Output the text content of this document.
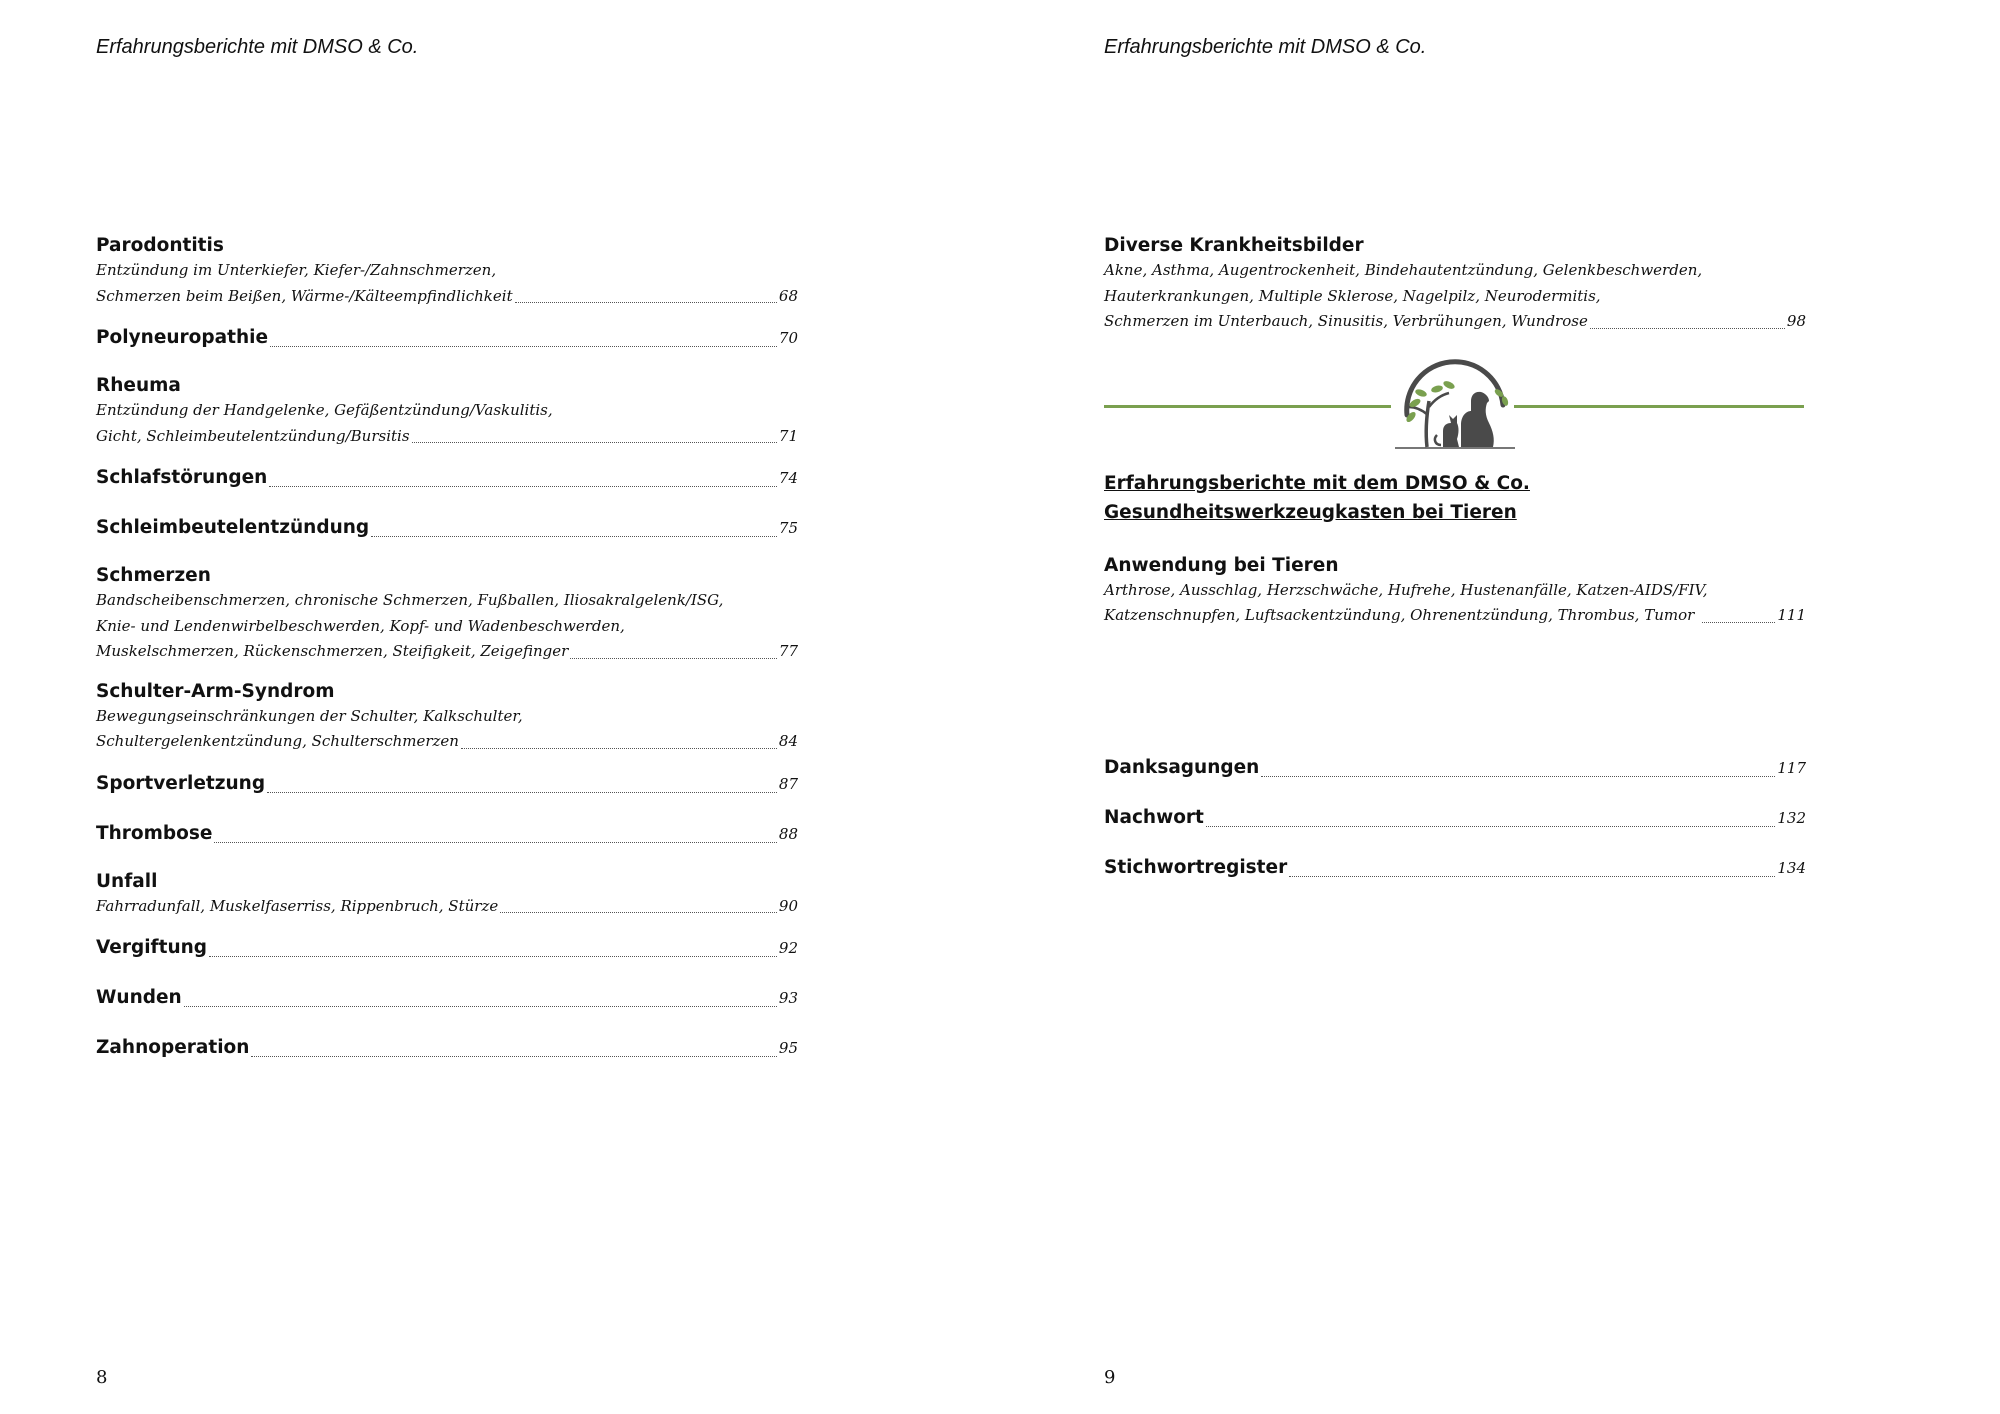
Erfahrungsberichte mit DMSO & Co.
Parodontitis
Entzündung im Unterkiefer, Kiefer-/Zahnschmerzen,
Schmerzen beim Beißen, Wärme-/Kälteempfindlichkeit	68
Polyneuropathie	70
Rheuma
Entzündung der Handgelenke, Gefäßentzündung/Vaskulitis,
Gicht, Schleimbeutelentzündung/Bursitis	71
Schlafstörungen	74
Schleimbeutelentzündung	75
Schmerzen
Bandscheibenschmerzen, chronische Schmerzen, Fußballen, Iliosakralgelenk/ISG,
Knie- und Lendenwirbelbeschwerden, Kopf- und Wadenbeschwerden,
Muskelschmerzen, Rückenschmerzen, Steifigkeit, Zeigefinger	77
Schulter-Arm-Syndrom
Bewegungseinschränkungen der Schulter, Kalkschulter,
Schultergelenkentzündung, Schulterschmerzen	84
Sportverletzung	87
Thrombose	88
Unfall
Fahrradunfall, Muskelfaserriss, Rippenbruch, Stürze	90
Vergiftung	92
Wunden	93
Zahnoperation	95
8
Erfahrungsberichte mit DMSO & Co.
Diverse Krankheitsbilder
Akne, Asthma, Augentrockenheit, Bindehautentzündung, Gelenkbeschwerden,
Hauterkrankungen, Multiple Sklerose, Nagelpilz, Neurodermitis,
Schmerzen im Unterbauch, Sinusitis, Verbrühungen, Wundrose	98
Erfahrungsberichte mit dem DMSO & Co. Gesundheitswerkzeugkasten bei Tieren
Anwendung bei Tieren
Arthrose, Ausschlag, Herzschwäche, Hufrehe, Hustenanfälle, Katzen-AIDS/FIV,
Katzenschnupfen, Luftsackentzündung, Ohrenentzündung, Thrombus, Tumor	111
Danksagungen	117
Nachwort	132
Stichwortregister	134
9
